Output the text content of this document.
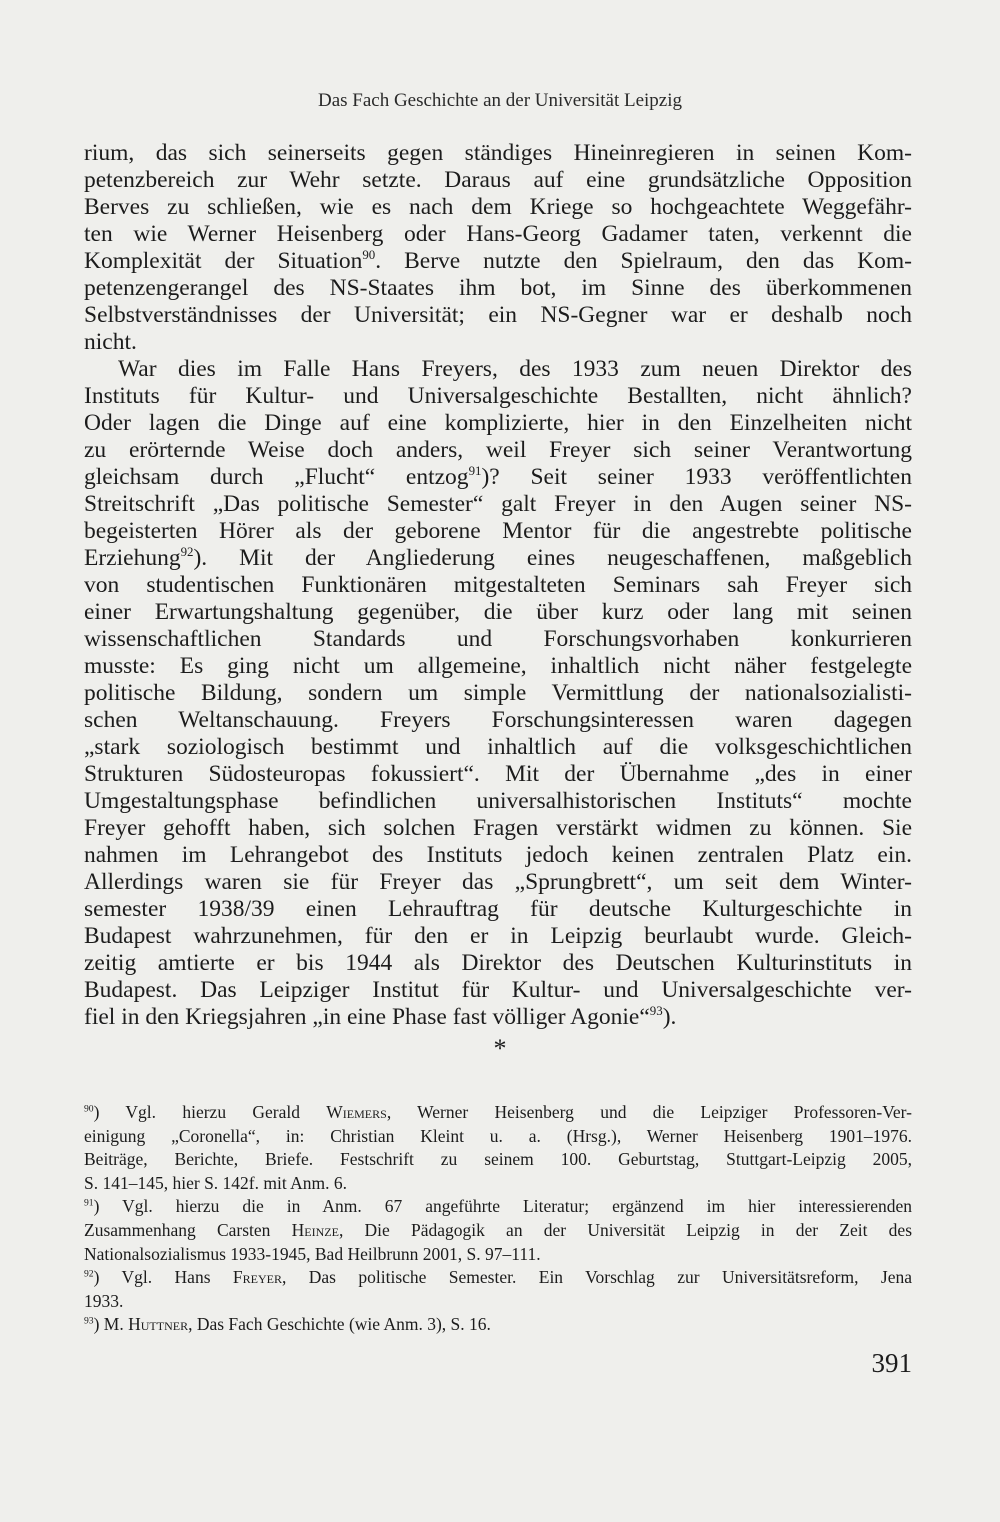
Das Fach Geschichte an der Universität Leipzig

rium, das sich seinerseits gegen ständiges Hineinregieren in seinen Kom-

petenzbereich zur Wehr setzte. Daraus auf eine grundsätzliche Opposition

Berves zu schließen, wie es nach dem Kriege so hochgeachtete Weggefähr-

ten wie Werner Heisenberg oder Hans-Georg Gadamer taten, verkennt die

Komplexität der Situation$^{90}$. Berve nutzte den Spielraum, den das Kom-

petenzengerangel des NS-Staates ihm bot, im Sinne des überkommenen

Selbstverständnisses der Universität; ein NS-Gegner war er deshalb noch

nicht.

War dies im Falle Hans Freyers, des 1933 zum neuen Direktor des

Instituts für Kultur- und Universalgeschichte Bestallten, nicht ähnlich?

Oder lagen die Dinge auf eine komplizierte, hier in den Einzelheiten nicht

zu erörternde Weise doch anders, weil Freyer sich seiner Verantwortung

gleichsam durch „Flucht“ entzog$^{91}$)? Seit seiner 1933 veröffentlichten

Streitschrift „Das politische Semester“ galt Freyer in den Augen seiner NS-

begeisterten Hörer als der geborene Mentor für die angestrebte politische

Erziehung$^{92}$). Mit der Angliederung eines neugeschaffenen, maßgeblich

von studentischen Funktionären mitgestalteten Seminars sah Freyer sich

einer Erwartungshaltung gegenüber, die über kurz oder lang mit seinen

wissenschaftlichen Standards und Forschungsvorhaben konkurrieren

musste: Es ging nicht um allgemeine, inhaltlich nicht näher festgelegte

politische Bildung, sondern um simple Vermittlung der nationalsozialisti-

schen Weltanschauung. Freyers Forschungsinteressen waren dagegen

„stark soziologisch bestimmt und inhaltlich auf die volksgeschichtlichen

Strukturen Südosteuropas fokussiert“. Mit der Übernahme „des in einer

Umgestaltungsphase befindlichen universalhistorischen Instituts“ mochte

Freyer gehofft haben, sich solchen Fragen verstärkt widmen zu können. Sie

nahmen im Lehrangebot des Instituts jedoch keinen zentralen Platz ein.

Allerdings waren sie für Freyer das „Sprungbrett“, um seit dem Winter-

semester 1938/39 einen Lehrauftrag für deutsche Kulturgeschichte in

Budapest wahrzunehmen, für den er in Leipzig beurlaubt wurde. Gleich-

zeitig amtierte er bis 1944 als Direktor des Deutschen Kulturinstituts in

Budapest. Das Leipziger Institut für Kultur- und Universalgeschichte ver-

fiel in den Kriegsjahren „in eine Phase fast völliger Agonie“$^{93}$).

*

$^{90}$) Vgl. hierzu Gerald Wiemers, Werner Heisenberg und die Leipziger Professoren-Ver-

einigung „Coronella“, in: Christian Kleint u. a. (Hrsg.), Werner Heisenberg 1901–1976.

Beiträge, Berichte, Briefe. Festschrift zu seinem 100. Geburtstag, Stuttgart-Leipzig 2005,

S. 141–145, hier S. 142f. mit Anm. 6.

$^{91}$) Vgl. hierzu die in Anm. 67 angeführte Literatur; ergänzend im hier interessierenden

Zusammenhang Carsten Heinze, Die Pädagogik an der Universität Leipzig in der Zeit des

Nationalsozialismus 1933-1945, Bad Heilbrunn 2001, S. 97–111.

$^{92}$) Vgl. Hans Freyer, Das politische Semester. Ein Vorschlag zur Universitätsreform, Jena

1933.

$^{93}$) M. Huttner, Das Fach Geschichte (wie Anm. 3), S. 16.

391
